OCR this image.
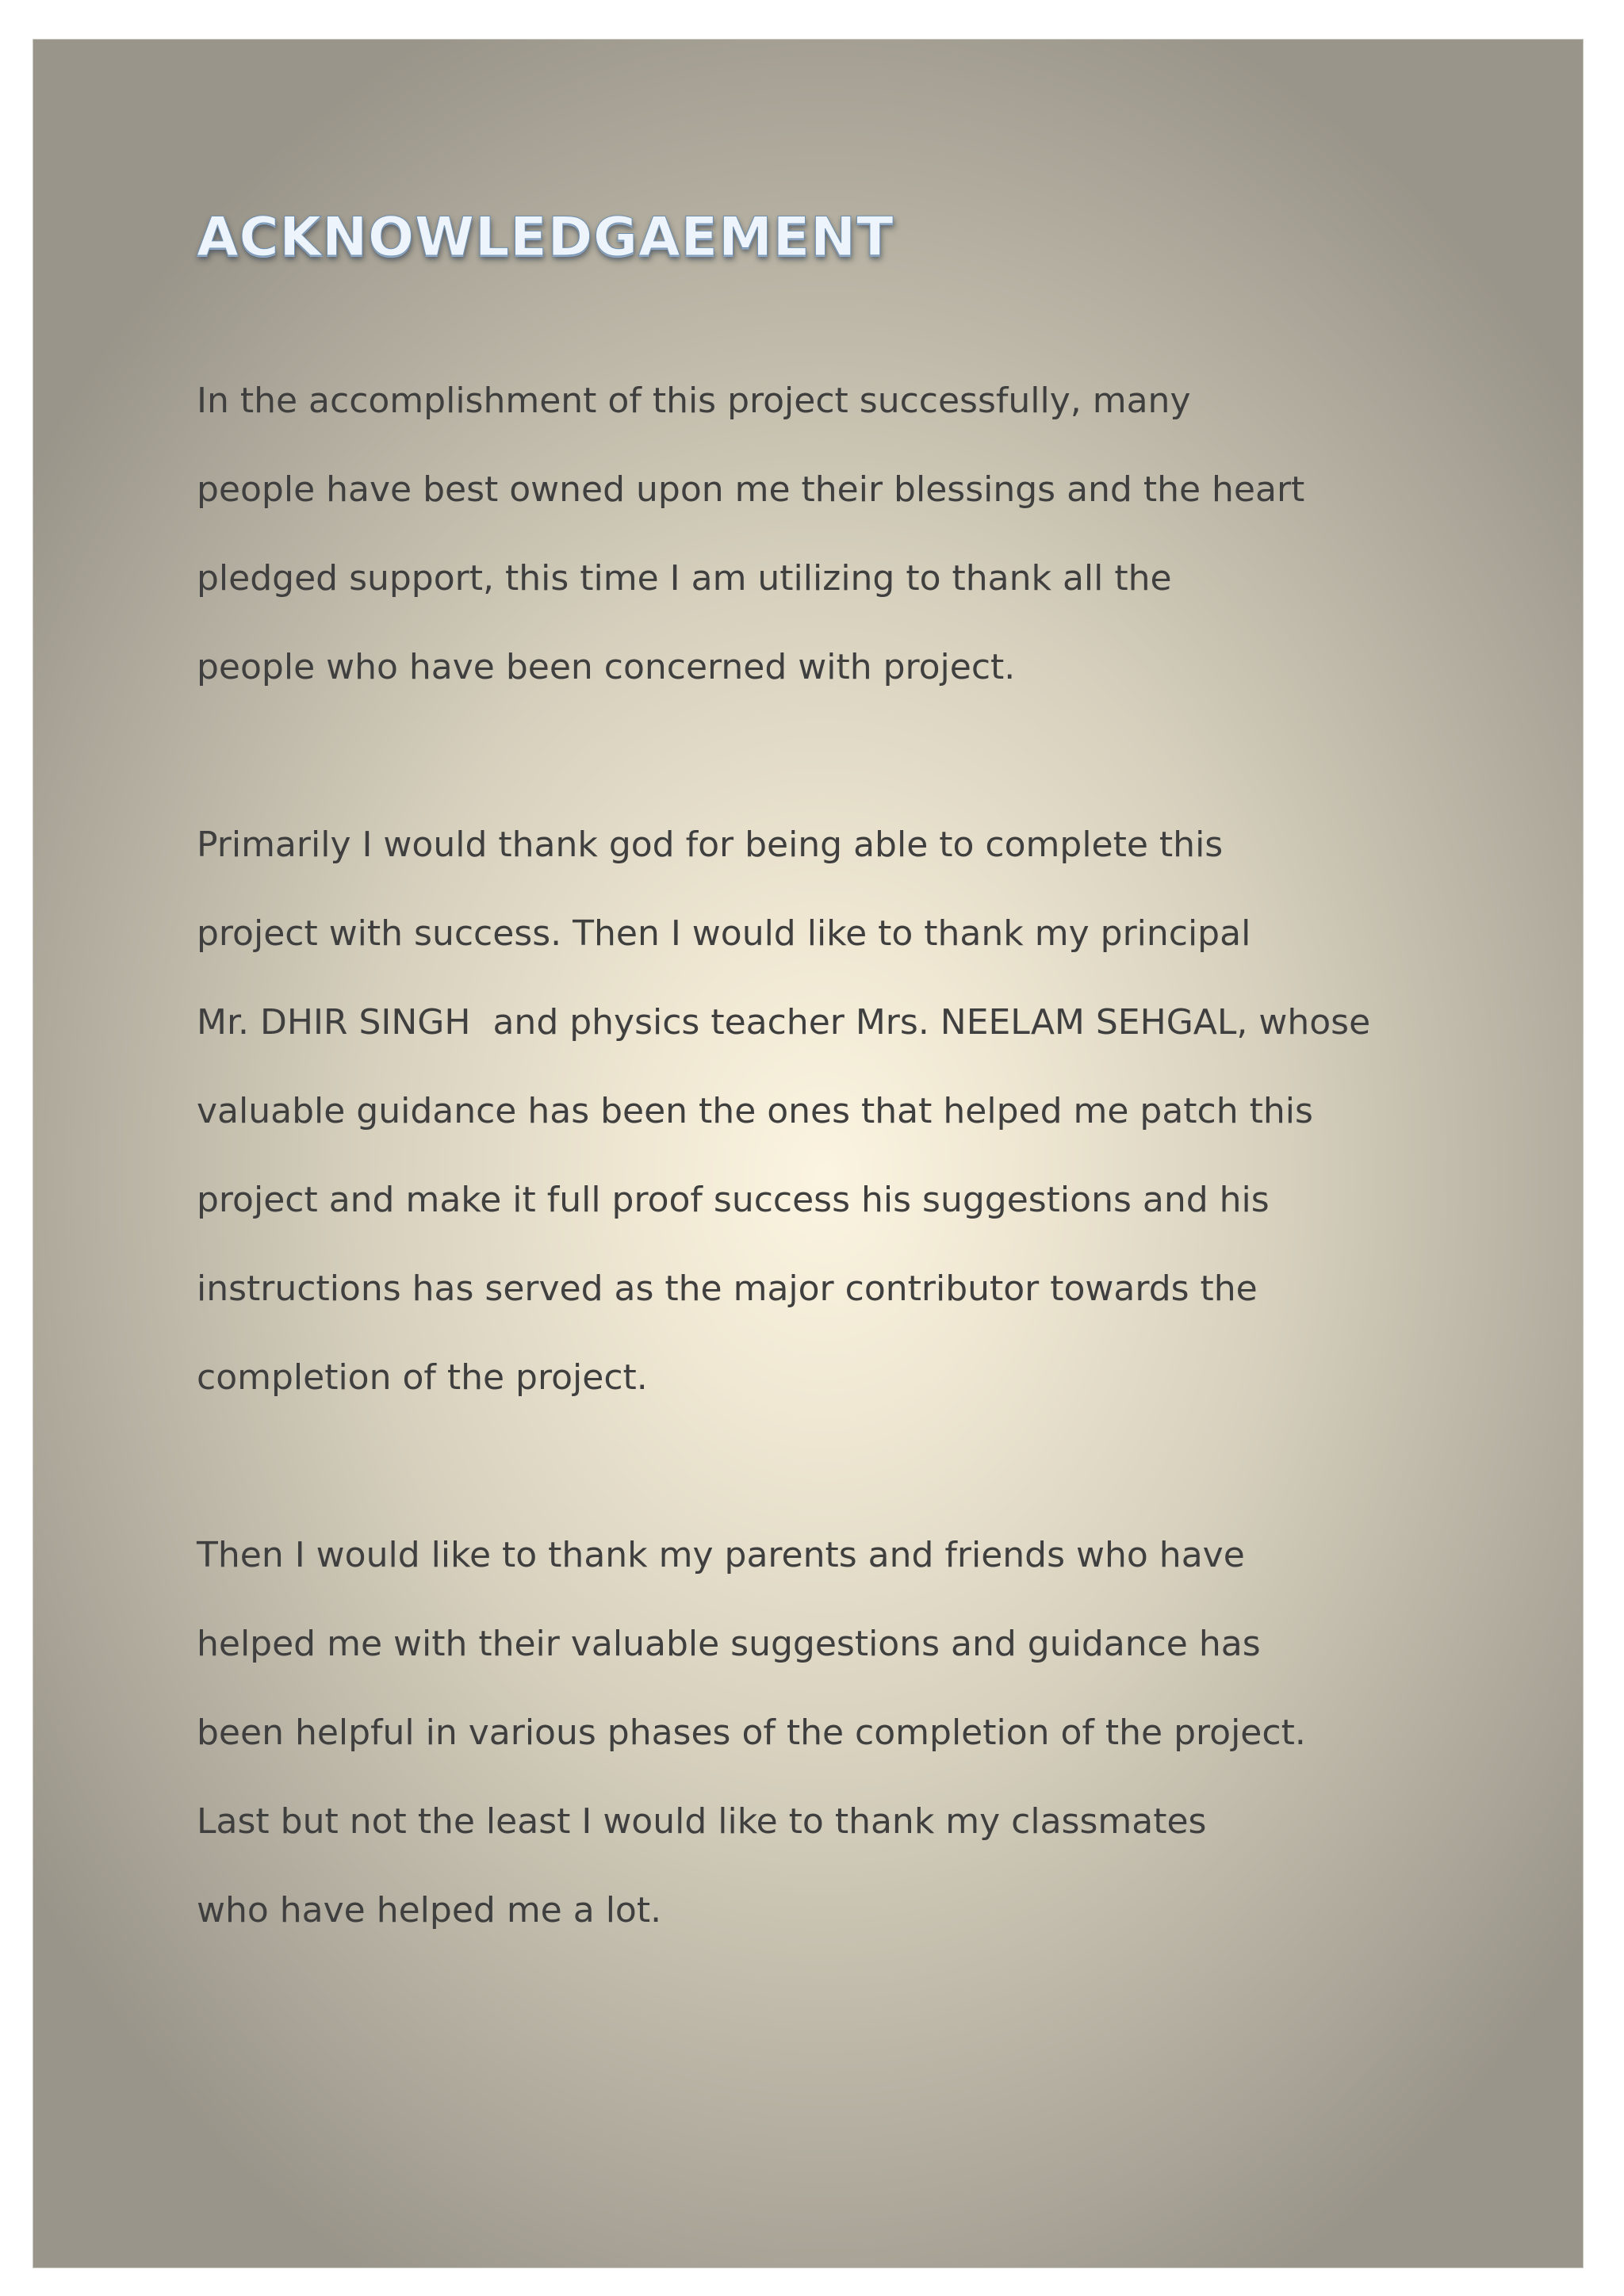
ACKNOWLEDGAEMENT
In the accomplishment of this project successfully, many
people have best owned upon me their blessings and the heart
pledged support, this time I am utilizing to thank all the
people who have been concerned with project.
Primarily I would thank god for being able to complete this
project with success. Then I would like to thank my principal
Mr. DHIR SINGH  and physics teacher Mrs. NEELAM SEHGAL, whose
valuable guidance has been the ones that helped me patch this
project and make it full proof success his suggestions and his
instructions has served as the major contributor towards the
completion of the project.
Then I would like to thank my parents and friends who have
helped me with their valuable suggestions and guidance has
been helpful in various phases of the completion of the project.
Last but not the least I would like to thank my classmates
who have helped me a lot.
